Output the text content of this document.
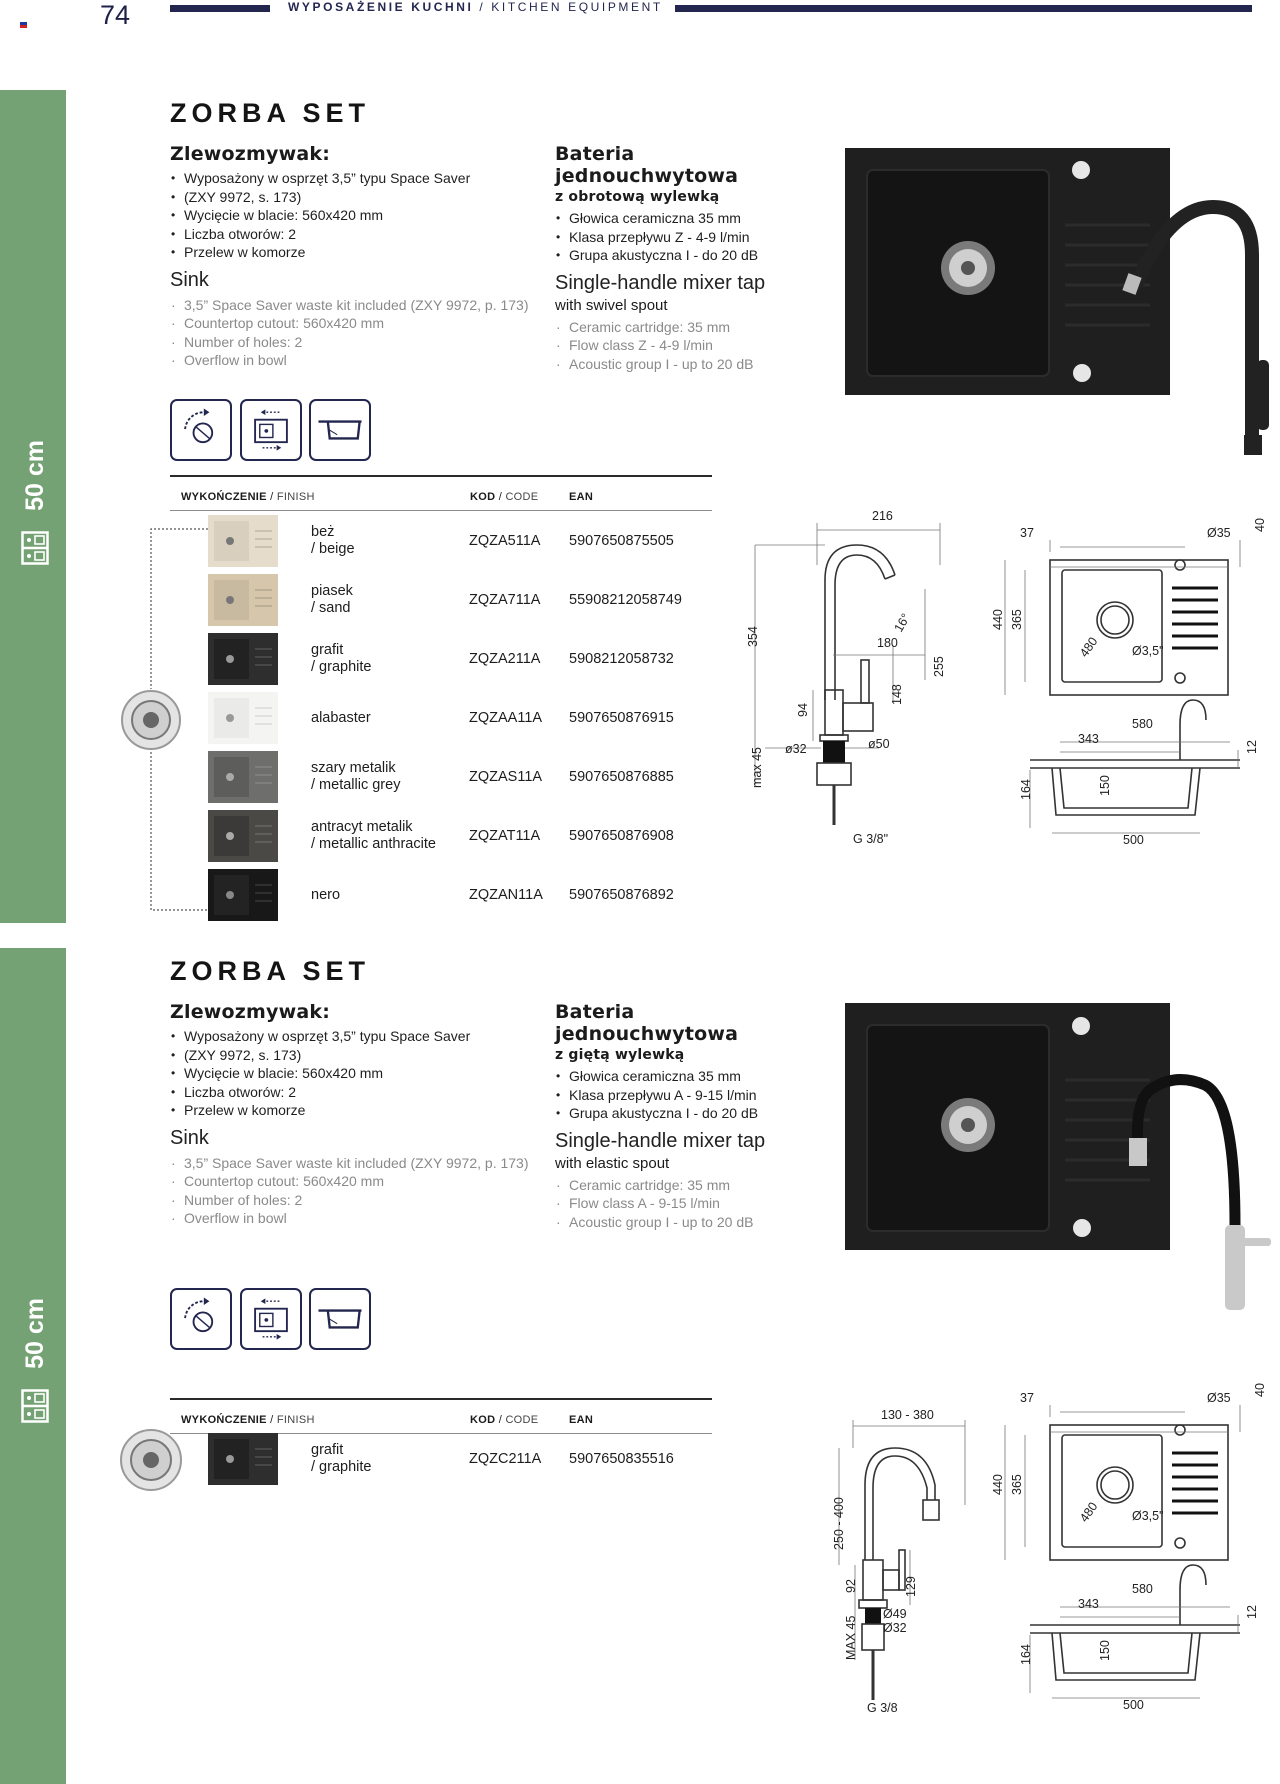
74	WYPOSAŻENIE KUCHNI / KITCHEN EQUIPMENT
50 cm
50 cm
ZORBA SET
Zlewozmywak:
• Wyposażony w osprzęt 3,5” typu Space Saver
• (ZXY 9972, s. 173)
• Wycięcie w blacie: 560x420 mm
• Liczba otworów: 2
• Przelew w komorze
Sink
· 3,5” Space Saver waste kit included (ZXY 9972, p. 173)
· Countertop cutout: 560x420 mm
· Number of holes: 2
· Overflow in bowl
Bateria jednouchwytowa
z obrotową wylewką
• Głowica ceramiczna 35 mm
• Klasa przepływu Z - 4-9 l/min
• Grupa akustyczna I - do 20 dB
Single-handle mixer tap
with swivel spout
· Ceramic cartridge: 35 mm
· Flow class Z - 4-9 l/min
· Acoustic group I - up to 20 dB
WYKOŃCZENIE / FINISH	KOD / CODE	EAN
beż
/ beige	ZQZA511A 5907650875505
piasek
/ sand	ZQZA711A 55908212058749
grafit
/ graphite	ZQZA211A 5908212058732
alabaster	ZQZAA11A 5907650876915
szary metalik
/ metallic grey	ZQZAS11A 5907650876885
antracyt metalik
/ metallic anthracite	ZQZAT11A 5907650876908
nero	ZQZAN11A 5907650876892
216
354	180
255
16°
148
94
max 45 ø32	ø50
G 3/8"
37	Ø35
40
440 365
480	Ø3,5"
580
343
12
164	150
500
ZORBA SET
Zlewozmywak:
• Wyposażony w osprzęt 3,5” typu Space Saver
• (ZXY 9972, s. 173)
• Wycięcie w blacie: 560x420 mm
• Liczba otworów: 2
• Przelew w komorze
Sink
· 3,5” Space Saver waste kit included (ZXY 9972, p. 173)
· Countertop cutout: 560x420 mm
· Number of holes: 2
· Overflow in bowl
Bateria jednouchwytowa
z giętą wylewką
• Głowica ceramiczna 35 mm
• Klasa przepływu A - 9-15 l/min
• Grupa akustyczna I - do 20 dB
Single-handle mixer tap
with elastic spout
· Ceramic cartridge: 35 mm
· Flow class A - 9-15 l/min
· Acoustic group I - up to 20 dB
WYKOŃCZENIE / FINISH	KOD / CODE	EAN
grafit
/ graphite	ZQZC211A 5907650835516
130 - 380
250 - 400
129
92
MAX 45
Ø49
Ø32
G 3/8
37	Ø35
40
440 365
480	Ø3,5"
580
343
12
164	150
500
